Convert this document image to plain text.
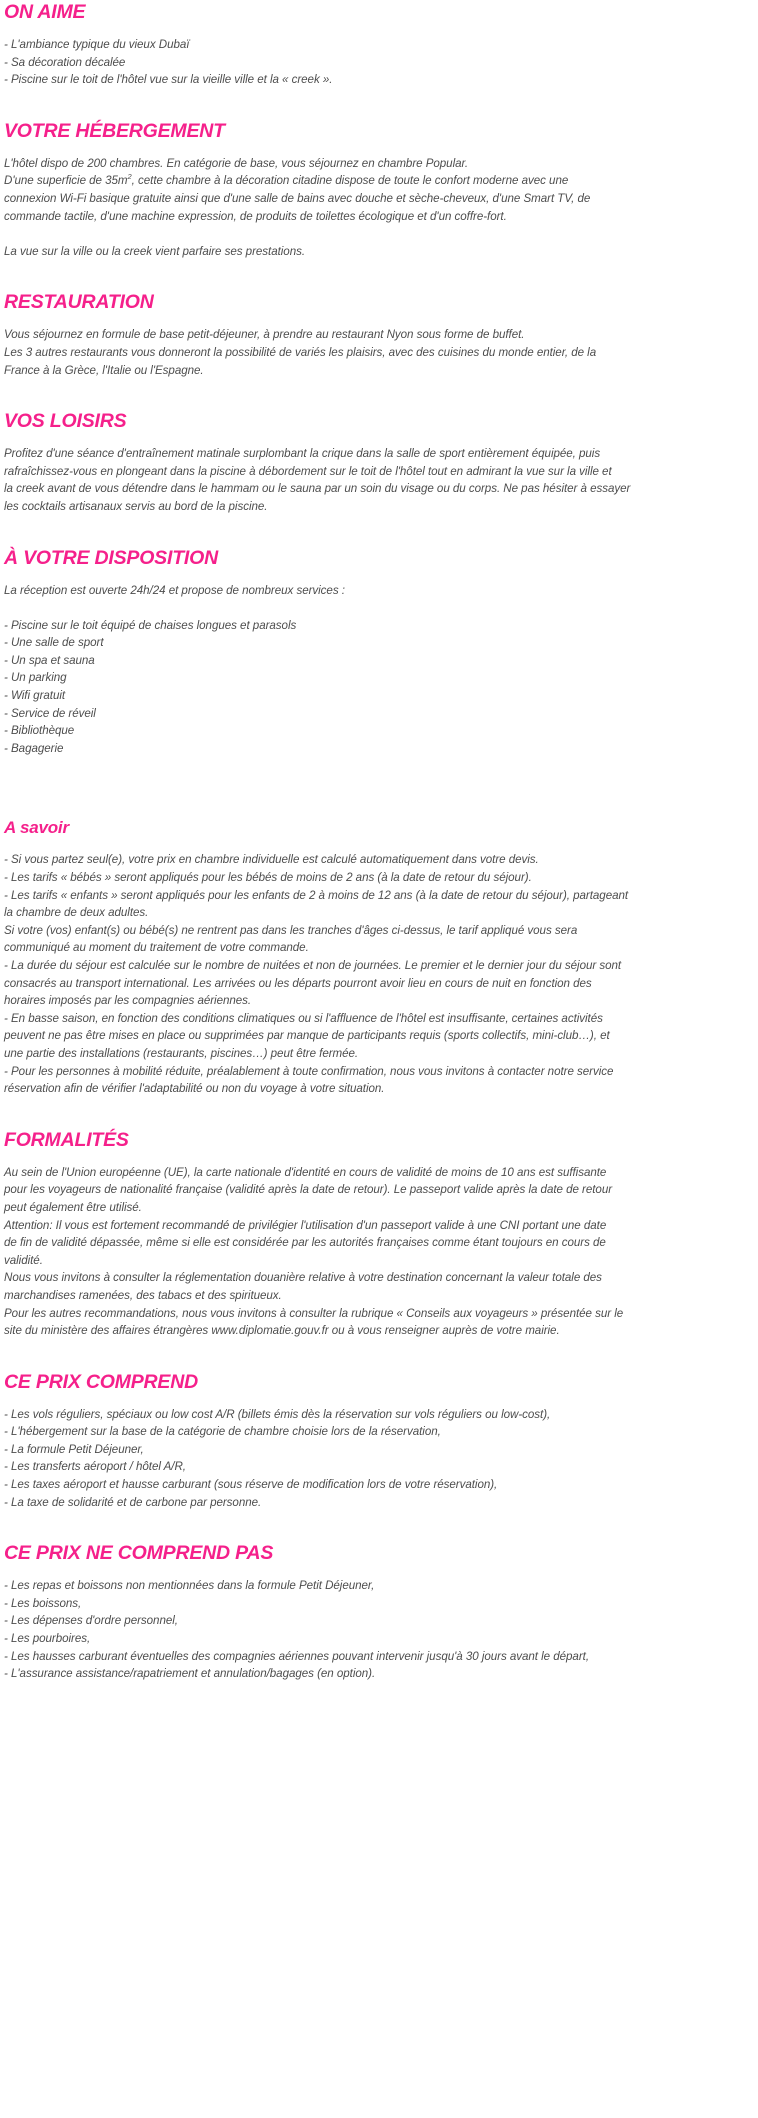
ON AIME
- L'ambiance typique du vieux Dubaï
- Sa décoration décalée
- Piscine sur le toit de l'hôtel vue sur la vieille ville et la « creek ».
VOTRE HÉBERGEMENT
L'hôtel dispo de 200 chambres. En catégorie de base, vous séjournez en chambre Popular.
D'une superficie de $35m^2$, cette chambre à la décoration citadine dispose de toute le confort moderne avec une
connexion Wi-Fi basique gratuite ainsi que d'une salle de bains avec douche et sèche-cheveux, d'une Smart TV, de
commande tactile, d'une machine expression, de produits de toilettes écologique et d'un coffre-fort.

La vue sur la ville ou la creek vient parfaire ses prestations.
RESTAURATION
Vous séjournez en formule de base petit-déjeuner, à prendre au restaurant Nyon sous forme de buffet.
Les 3 autres restaurants vous donneront la possibilité de variés les plaisirs, avec des cuisines du monde entier, de la
France à la Grèce, l'Italie ou l'Espagne.
VOS LOISIRS
Profitez d'une séance d'entraînement matinale surplombant la crique dans la salle de sport entièrement équipée, puis
rafraîchissez-vous en plongeant dans la piscine à débordement sur le toit de l'hôtel tout en admirant la vue sur la ville et
la creek avant de vous détendre dans le hammam ou le sauna par un soin du visage ou du corps. Ne pas hésiter à essayer
les cocktails artisanaux servis au bord de la piscine.
À VOTRE DISPOSITION
La réception est ouverte 24h/24 et propose de nombreux services :

- Piscine sur le toit équipé de chaises longues et parasols
- Une salle de sport
- Un spa et sauna
- Un parking
- Wifi gratuit
- Service de réveil
- Bibliothèque
- Bagagerie
A savoir
- Si vous partez seul(e), votre prix en chambre individuelle est calculé automatiquement dans votre devis.
- Les tarifs « bébés » seront appliqués pour les bébés de moins de 2 ans (à la date de retour du séjour).
- Les tarifs « enfants » seront appliqués pour les enfants de 2 à moins de 12 ans (à la date de retour du séjour), partageant
la chambre de deux adultes.
Si votre (vos) enfant(s) ou bébé(s) ne rentrent pas dans les tranches d'âges ci-dessus, le tarif appliqué vous sera
communiqué au moment du traitement de votre commande.
- La durée du séjour est calculée sur le nombre de nuitées et non de journées. Le premier et le dernier jour du séjour sont
consacrés au transport international. Les arrivées ou les départs pourront avoir lieu en cours de nuit en fonction des
horaires imposés par les compagnies aériennes.
- En basse saison, en fonction des conditions climatiques ou si l'affluence de l'hôtel est insuffisante, certaines activités
peuvent ne pas être mises en place ou supprimées par manque de participants requis (sports collectifs, mini-club…), et
une partie des installations (restaurants, piscines…) peut être fermée.
- Pour les personnes à mobilité réduite, préalablement à toute confirmation, nous vous invitons à contacter notre service
réservation afin de vérifier l'adaptabilité ou non du voyage à votre situation.
FORMALITÉS
Au sein de l'Union européenne (UE), la carte nationale d'identité en cours de validité de moins de 10 ans est suffisante
pour les voyageurs de nationalité française (validité après la date de retour). Le passeport valide après la date de retour
peut également être utilisé.
Attention: Il vous est fortement recommandé de privilégier l'utilisation d'un passeport valide à une CNI portant une date
de fin de validité dépassée, même si elle est considérée par les autorités françaises comme étant toujours en cours de
validité.
Nous vous invitons à consulter la réglementation douanière relative à votre destination concernant la valeur totale des
marchandises ramenées, des tabacs et des spiritueux.
Pour les autres recommandations, nous vous invitons à consulter la rubrique « Conseils aux voyageurs » présentée sur le
site du ministère des affaires étrangères www.diplomatie.gouv.fr ou à vous renseigner auprès de votre mairie.
CE PRIX COMPREND
- Les vols réguliers, spéciaux ou low cost A/R (billets émis dès la réservation sur vols réguliers ou low-cost),
- L'hébergement sur la base de la catégorie de chambre choisie lors de la réservation,
- La formule Petit Déjeuner,
- Les transferts aéroport / hôtel A/R,
- Les taxes aéroport et hausse carburant (sous réserve de modification lors de votre réservation),
- La taxe de solidarité et de carbone par personne.
CE PRIX NE COMPREND PAS
- Les repas et boissons non mentionnées dans la formule Petit Déjeuner,
- Les boissons,
- Les dépenses d'ordre personnel,
- Les pourboires,
- Les hausses carburant éventuelles des compagnies aériennes pouvant intervenir jusqu'à 30 jours avant le départ,
- L'assurance assistance/rapatriement et annulation/bagages (en option).
